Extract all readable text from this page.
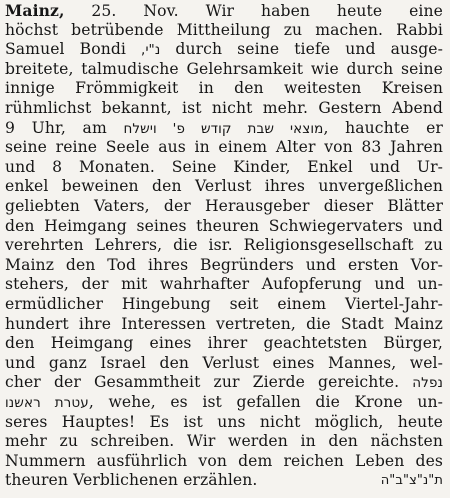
Mainz, 25. Nov. Wir haben heute eine
höchst betrübende Mittheilung zu machen. Rabbi
Samuel Bondi נ"י, durch seine tiefe und ausge-
breitete, talmudische Gelehrsamkeit wie durch seine
innige Frömmigkeit in den weitesten Kreisen
rühmlichst bekannt, ist nicht mehr. Gestern Abend
9 Uhr, am מוצאי שבת קודש פ' וישלח, hauchte er
seine reine Seele aus in einem Alter von 83 Jahren
und 8 Monaten. Seine Kinder, Enkel und Ur-
enkel beweinen den Verlust ihres unvergeßlichen
geliebten Vaters, der Herausgeber dieser Blätter
den Heimgang seines theuren Schwiegervaters und
verehrten Lehrers, die isr. Religionsgesellschaft zu
Mainz den Tod ihres Begründers und ersten Vor-
stehers, der mit wahrhafter Aufopferung und un-
ermüdlicher Hingebung seit einem Viertel-Jahr-
hundert ihre Interessen vertreten, die Stadt Mainz
den Heimgang eines ihrer geachtetsten Bürger,
und ganz Israel den Verlust eines Mannes, wel-
cher der Gesammtheit zur Zierde gereichte. נפלה
עטרת ראשנו, wehe, es ist gefallen die Krone un-
seres Hauptes! Es ist uns nicht möglich, heute
mehr zu schreiben. Wir werden in den nächsten
Nummern ausführlich von dem reichen Leben des
theuren Verblichenen erzählen.	ת"נ"צ"ב"ה
